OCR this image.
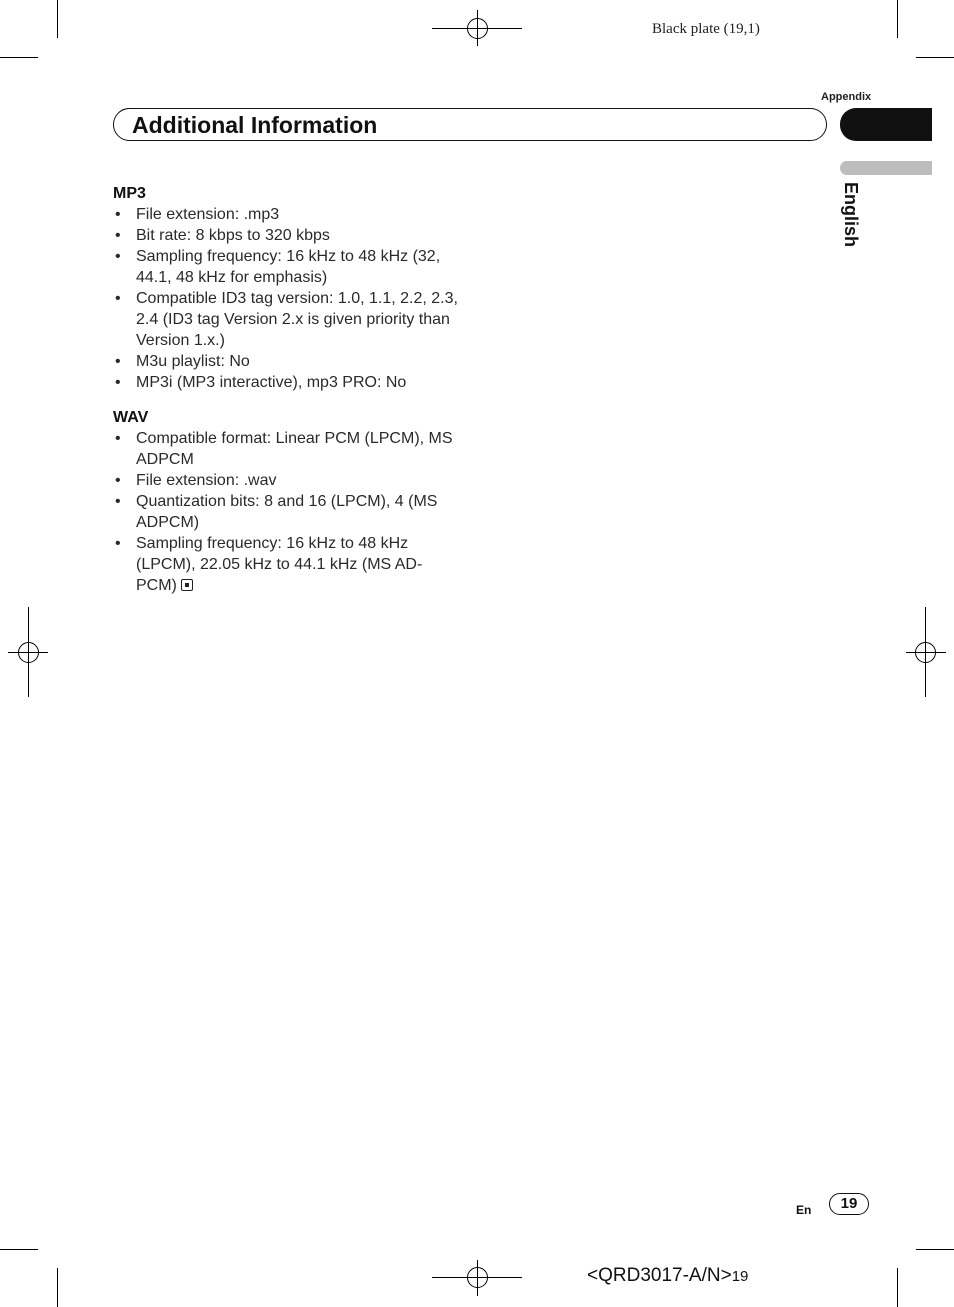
Black plate (19,1)
Appendix
Additional Information
English
MP3
• File extension: .mp3
• Bit rate: 8 kbps to 320 kbps
• Sampling frequency: 16 kHz to 48 kHz (32, 44.1, 48 kHz for emphasis)
• Compatible ID3 tag version: 1.0, 1.1, 2.2, 2.3, 2.4 (ID3 tag Version 2.x is given priority than Version 1.x.)
• M3u playlist: No
• MP3i (MP3 interactive), mp3 PRO: No
WAV
• Compatible format: Linear PCM (LPCM), MS ADPCM
• File extension: .wav
• Quantization bits: 8 and 16 (LPCM), 4 (MS ADPCM)
• Sampling frequency: 16 kHz to 48 kHz (LPCM), 22.05 kHz to 44.1 kHz (MS AD-PCM)
En	19
<QRD3017-A/N>19
